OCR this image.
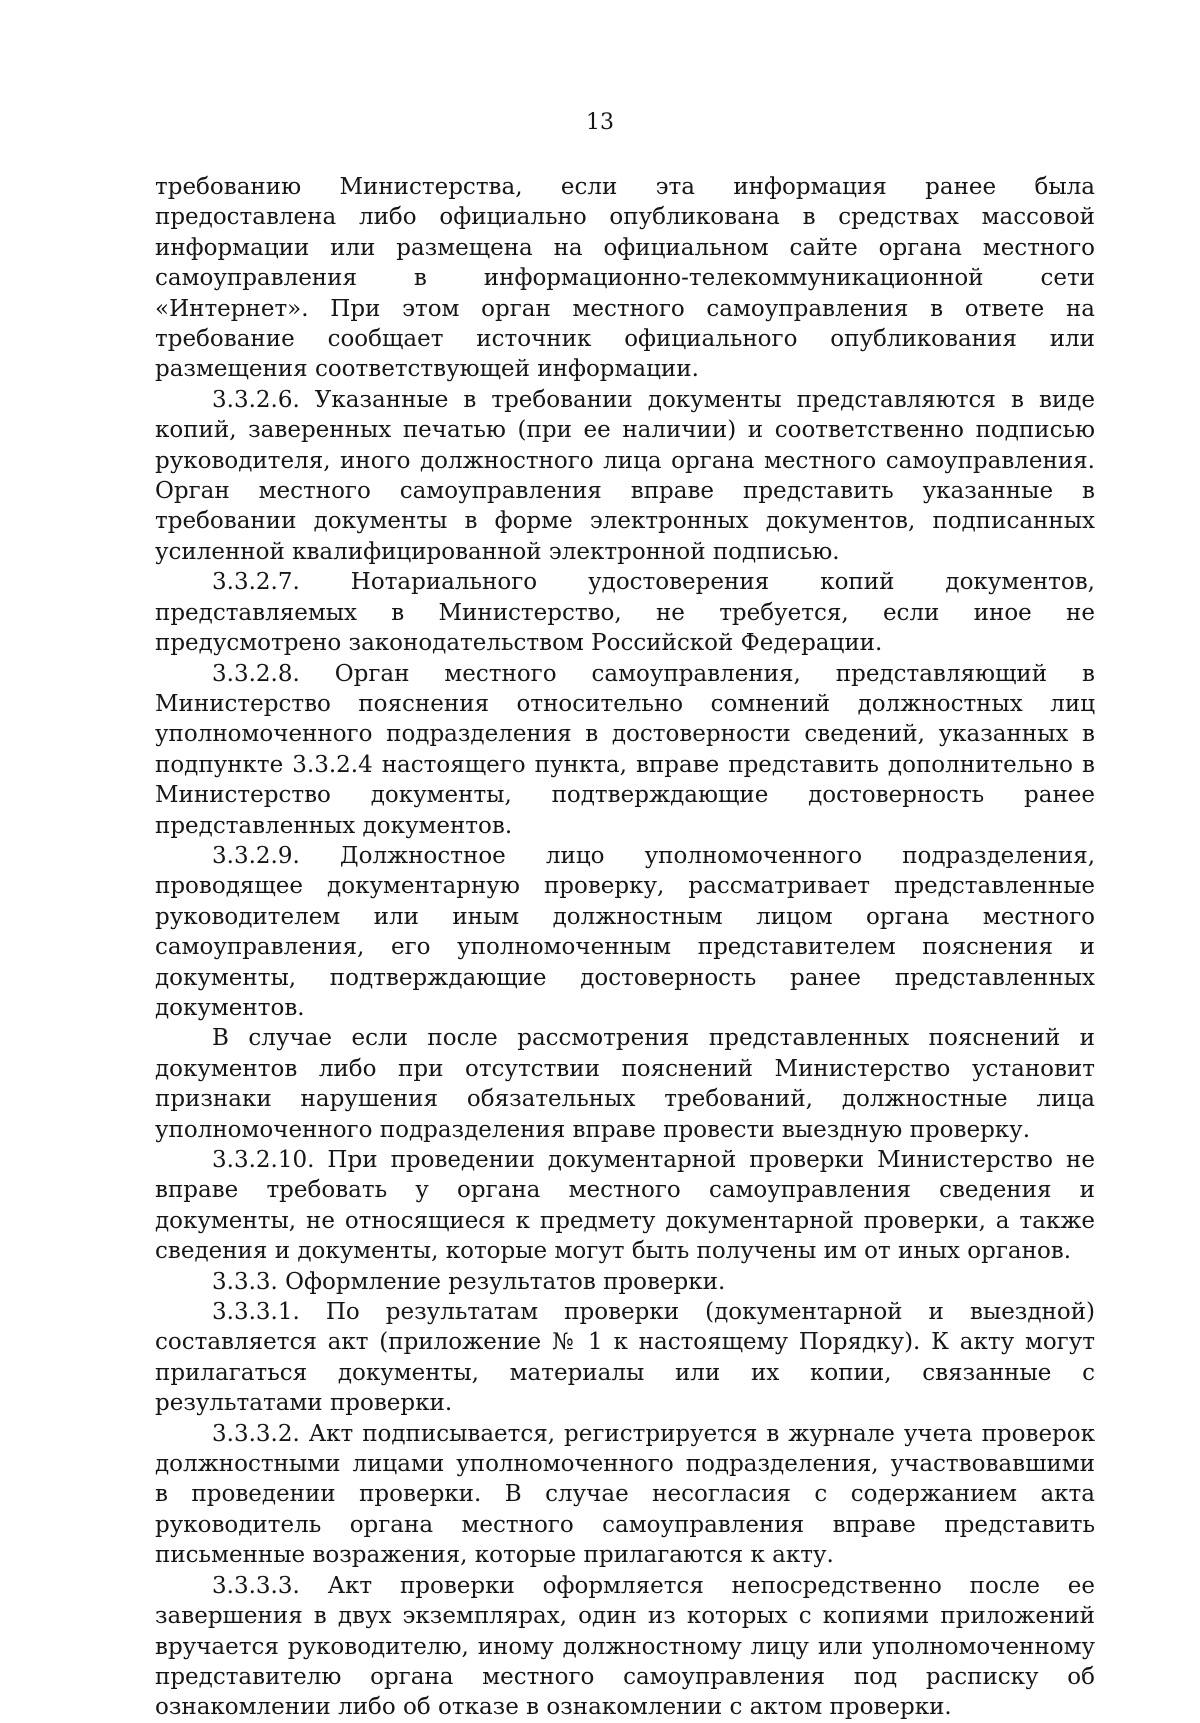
13

требованию Министерства, если эта информация ранее была предоставлена либо официально опубликована в средствах массовой информации или размещена на официальном сайте органа местного самоуправления в информационно-телекоммуникационной сети «Интернет». При этом орган местного самоуправления в ответе на требование сообщает источник официального опубликования или размещения соответствующей информации.

3.3.2.6. Указанные в требовании документы представляются в виде копий, заверенных печатью (при ее наличии) и соответственно подписью руководителя, иного должностного лица органа местного самоуправления. Орган местного самоуправления вправе представить указанные в требовании документы в форме электронных документов, подписанных усиленной квалифицированной электронной подписью.

3.3.2.7. Нотариального удостоверения копий документов, представляемых в Министерство, не требуется, если иное не предусмотрено законодательством Российской Федерации.

3.3.2.8. Орган местного самоуправления, представляющий в Министерство пояснения относительно сомнений должностных лиц уполномоченного подразделения в достоверности сведений, указанных в подпункте 3.3.2.4 настоящего пункта, вправе представить дополнительно в Министерство документы, подтверждающие достоверность ранее представленных документов.

3.3.2.9. Должностное лицо уполномоченного подразделения, проводящее документарную проверку, рассматривает представленные руководителем или иным должностным лицом органа местного самоуправления, его уполномоченным представителем пояснения и документы, подтверждающие достоверность ранее представленных документов.

В случае если после рассмотрения представленных пояснений и документов либо при отсутствии пояснений Министерство установит признаки нарушения обязательных требований, должностные лица уполномоченного подразделения вправе провести выездную проверку.

3.3.2.10. При проведении документарной проверки Министерство не вправе требовать у органа местного самоуправления сведения и документы, не относящиеся к предмету документарной проверки, а также сведения и документы, которые могут быть получены им от иных органов.

3.3.3. Оформление результатов проверки.

3.3.3.1. По результатам проверки (документарной и выездной) составляется акт (приложение № 1 к настоящему Порядку). К акту могут прилагаться документы, материалы или их копии, связанные с результатами проверки.

3.3.3.2. Акт подписывается, регистрируется в журнале учета проверок должностными лицами уполномоченного подразделения, участвовавшими в проведении проверки. В случае несогласия с содержанием акта руководитель органа местного самоуправления вправе представить письменные возражения, которые прилагаются к акту.

3.3.3.3. Акт проверки оформляется непосредственно после ее завершения в двух экземплярах, один из которых с копиями приложений вручается руководителю, иному должностному лицу или уполномоченному представителю органа местного самоуправления под расписку об ознакомлении либо об отказе в ознакомлении с актом проверки.
